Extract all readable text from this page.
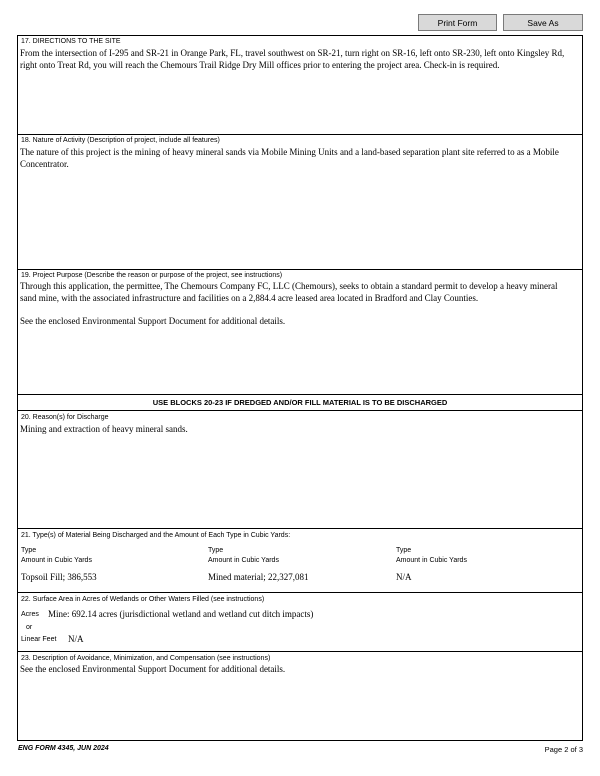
Print Form	Save As
17. DIRECTIONS TO THE SITE
From the intersection of I-295 and SR-21 in Orange Park, FL, travel southwest on SR-21, turn right on SR-16, left onto SR-230, left onto Kingsley Rd, right onto Treat Rd, you will reach the Chemours Trail Ridge Dry Mill offices prior to entering the project area. Check-in is required.
18. Nature of Activity (Description of project, include all features)
The nature of this project is the mining of heavy mineral sands via Mobile Mining Units and a land-based separation plant site referred to as a Mobile Concentrator.
19. Project Purpose (Describe the reason or purpose of the project, see instructions)
Through this application, the permittee, The Chemours Company FC, LLC (Chemours), seeks to obtain a standard permit to develop a heavy mineral sand mine, with the associated infrastructure and facilities on a 2,884.4 acre leased area located in Bradford and Clay Counties.
See the enclosed Environmental Support Document for additional details.
USE BLOCKS 20-23 IF DREDGED AND/OR FILL MATERIAL IS TO BE DISCHARGED
20. Reason(s) for Discharge
Mining and extraction of heavy mineral sands.
21. Type(s) of Material Being Discharged and the Amount of Each Type in Cubic Yards:
Type
Amount in Cubic Yards
Topsoil Fill; 386,553
Type
Amount in Cubic Yards
Mined material; 22,327,081
Type
Amount in Cubic Yards
N/A
22. Surface Area in Acres of Wetlands or Other Waters Filled (see instructions)
Acres Mine: 692.14 acres (jurisdictional wetland and wetland cut ditch impacts)
or
Linear Feet N/A
23. Description of Avoidance, Minimization, and Compensation (see instructions)
See the enclosed Environmental Support Document for additional details.
ENG FORM 4345, JUN 2024	Page 2 of 3
